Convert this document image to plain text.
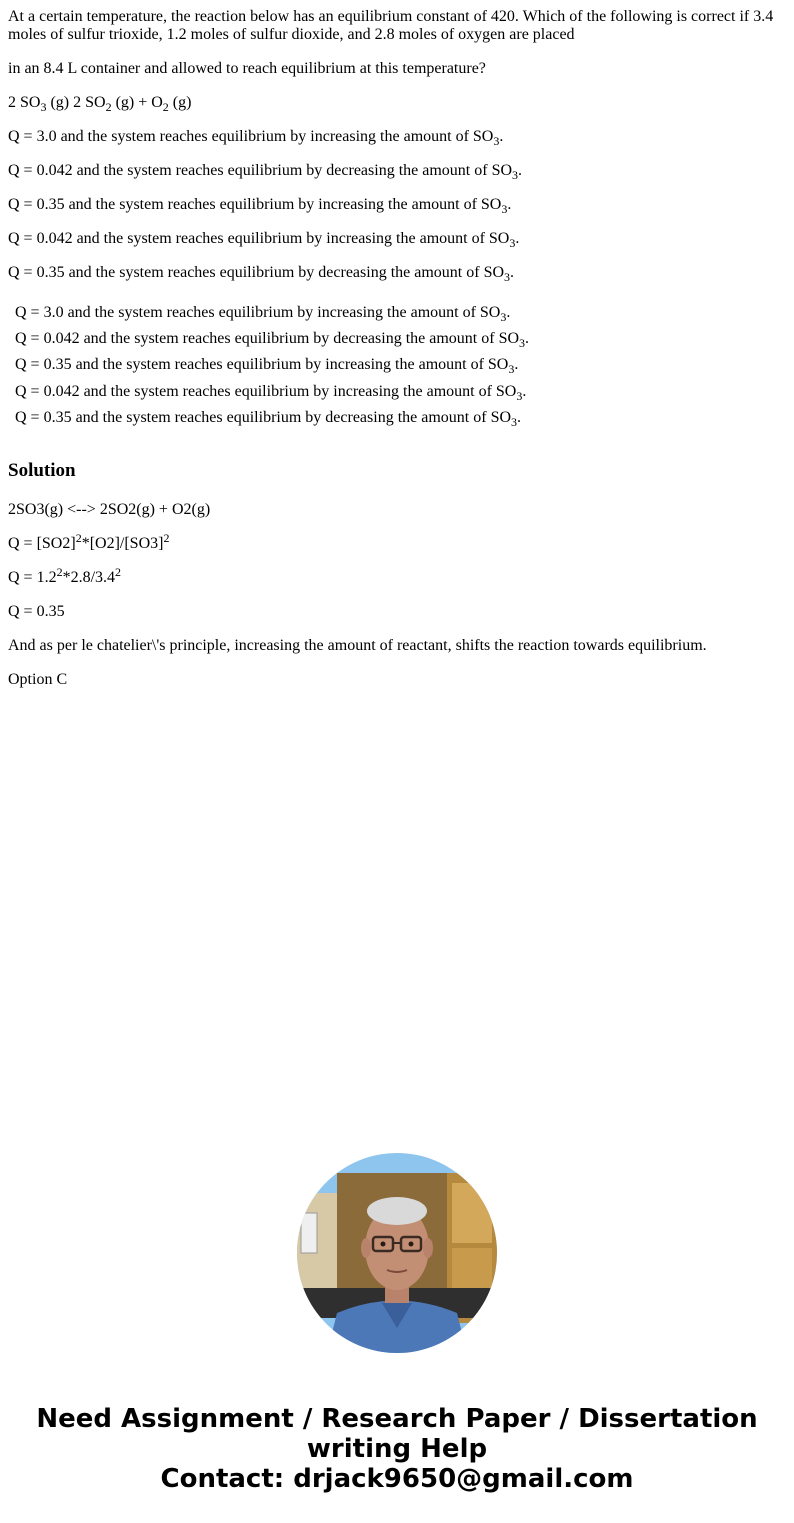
At a certain temperature, the reaction below has an equilibrium constant of 420. Which of the following is correct if 3.4 moles of sulfur trioxide, 1.2 moles of sulfur dioxide, and 2.8 moles of oxygen are placed

in an 8.4 L container and allowed to reach equilibrium at this temperature?

2 $SO_3$ (g) 2 $SO_2$ $(g) + O_2$ (g)

Q = 3.0 and the system reaches equilibrium by increasing the amount of $SO_3$.

Q = 0.042 and the system reaches equilibrium by decreasing the amount of $SO_3$.

Q = 0.35 and the system reaches equilibrium by increasing the amount of $SO_3$.

Q = 0.042 and the system reaches equilibrium by increasing the amount of $SO_3$.

Q = 0.35 and the system reaches equilibrium by decreasing the amount of $SO_3$.

Q = 3.0 and the system reaches equilibrium by increasing the amount of $SO_3$.
Q = 0.042 and the system reaches equilibrium by decreasing the amount of $SO_3$.
Q = 0.35 and the system reaches equilibrium by increasing the amount of $SO_3$.
Q = 0.042 and the system reaches equilibrium by increasing the amount of $SO_3$.
Q = 0.35 and the system reaches equilibrium by decreasing the amount of $SO_3$.
Solution

2SO3(g) <--> 2SO2(g) + O2(g)

$Q = [SO2]^2*[O2]/[SO3]^2$

$Q = 1.2^2*2.8/3.4^2$

Q = 0.35

And as per le chatelier\'s principle, increasing the amount of reactant, shifts the reaction towards equilibrium.

Option C

Need Assignment / Research Paper / Dissertation
writing Help
Contact: drjack9650@gmail.com
